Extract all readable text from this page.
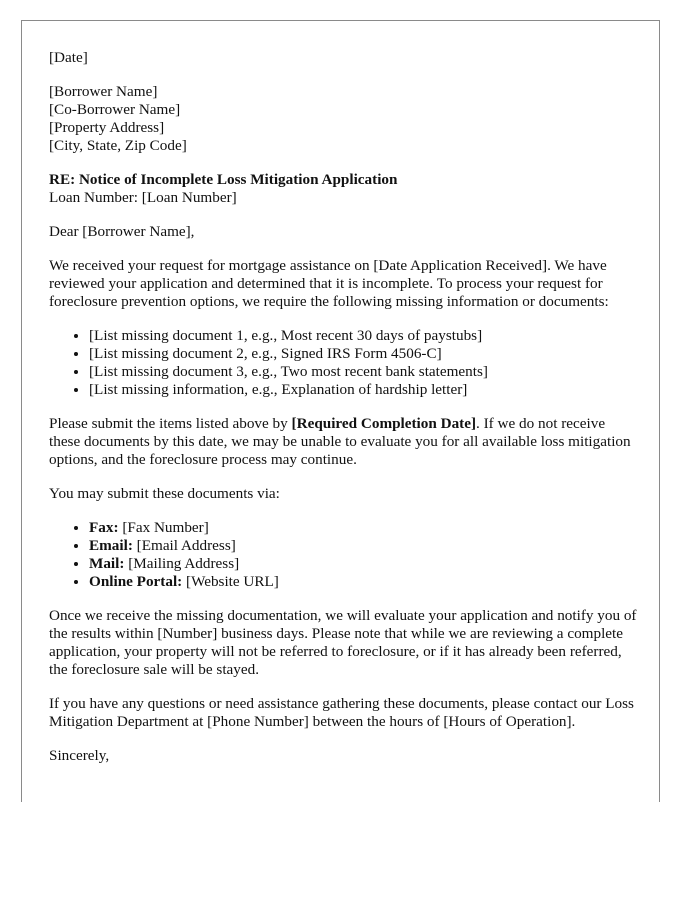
[Date]

[Borrower Name]
[Co-Borrower Name]
[Property Address]
[City, State, Zip Code]

RE: Notice of Incomplete Loss Mitigation Application
Loan Number: [Loan Number]

Dear [Borrower Name],

We received your request for mortgage assistance on [Date Application Received]. We have reviewed your application and determined that it is incomplete. To process your request for foreclosure prevention options, we require the following missing information or documents:

• [List missing document 1, e.g., Most recent 30 days of paystubs]
• [List missing document 2, e.g., Signed IRS Form 4506-C]
• [List missing document 3, e.g., Two most recent bank statements]
• [List missing information, e.g., Explanation of hardship letter]

Please submit the items listed above by [Required Completion Date]. If we do not receive these documents by this date, we may be unable to evaluate you for all available loss mitigation options, and the foreclosure process may continue.

You may submit these documents via:

• Fax: [Fax Number]
• Email: [Email Address]
• Mail: [Mailing Address]
• Online Portal: [Website URL]

Once we receive the missing documentation, we will evaluate your application and notify you of the results within [Number] business days. Please note that while we are reviewing a complete application, your property will not be referred to foreclosure, or if it has already been referred, the foreclosure sale will be stayed.

If you have any questions or need assistance gathering these documents, please contact our Loss Mitigation Department at [Phone Number] between the hours of [Hours of Operation].

Sincerely,
